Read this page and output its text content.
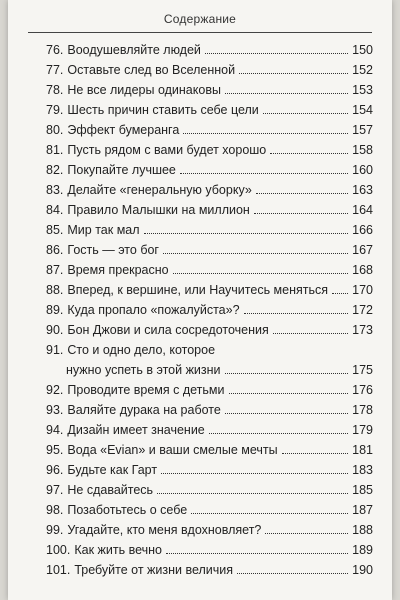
Содержание
76. Воодушевляйте людей	150
77. Оставьте след во Вселенной	152
78. Не все лидеры одинаковы	153
79. Шесть причин ставить себе цели	154
80. Эффект бумеранга	157
81. Пусть рядом с вами будет хорошо	158
82. Покупайте лучшее	160
83. Делайте «генеральную уборку»	163
84. Правило Малышки на миллион	164
85. Мир так мал	166
86. Гость — это бог	167
87. Время прекрасно	168
88. Вперед, к вершине, или Научитесь меняться 170
89. Куда пропало «пожалуйста»?	172
90. Бон Джови и сила сосредоточения	173
91. Сто и одно дело, которое
нужно успеть в этой жизни	175
92. Проводите время с детьми	176
93. Валяйте дурака на работе	178
94. Дизайн имеет значение	179
95. Вода «Evian» и ваши смелые мечты	181
96. Будьте как Гарт	183
97. Не сдавайтесь	185
98. Позаботьтесь о себе	187
99. Угадайте, кто меня вдохновляет?	188
100. Как жить вечно	189
101. Требуйте от жизни величия	190
